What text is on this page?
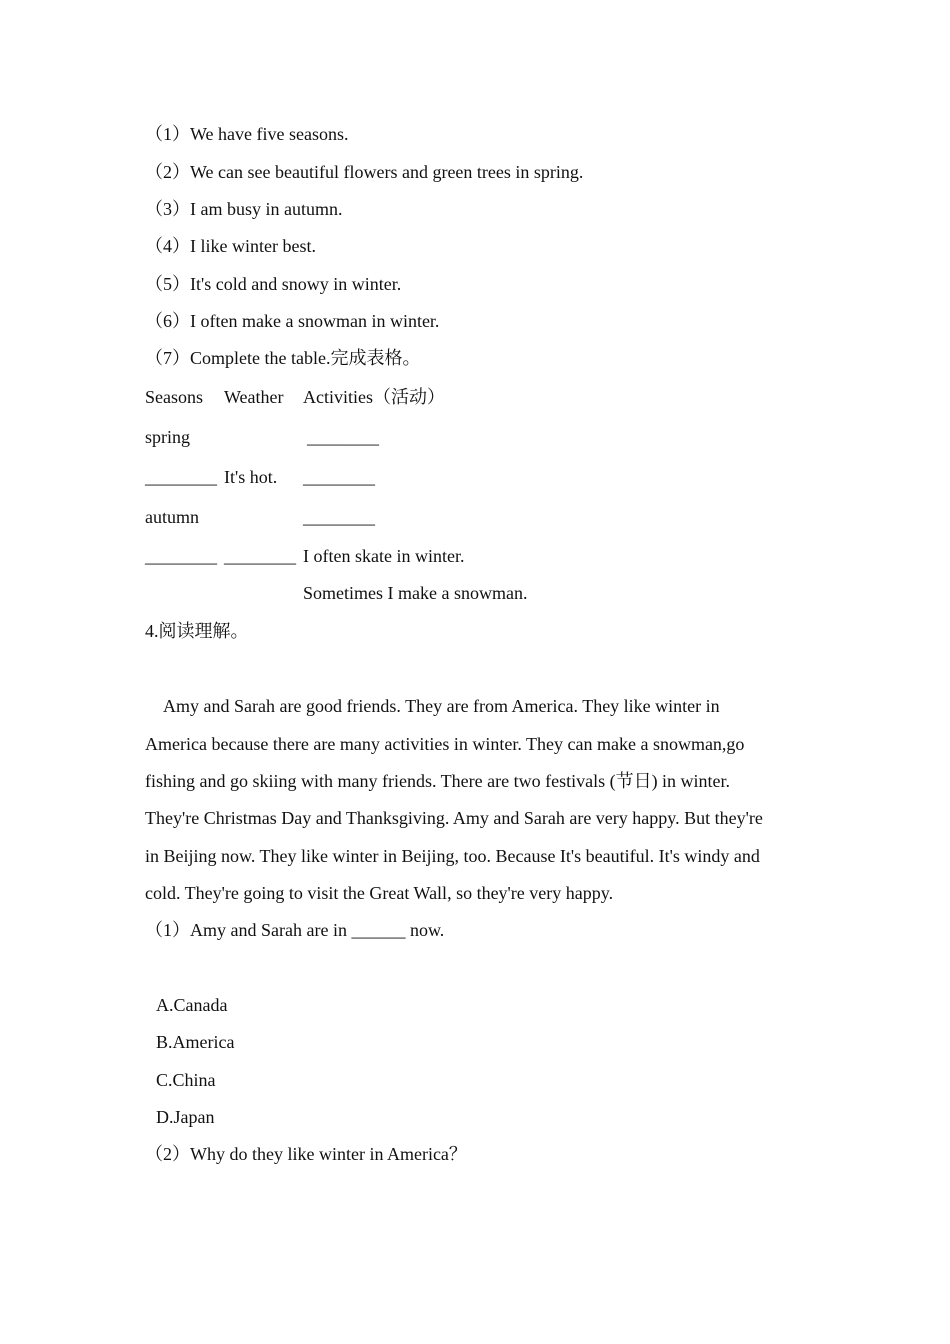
（1）We have five seasons.
（2）We can see beautiful flowers and green trees in spring.
（3）I am busy in autumn.
（4）I like winter best.
（5）It's cold and snowy in winter.
（6）I often make a snowman in winter.
（7）Complete the table.完成表格。
Seasons Weather Activities（活动）
spring	________
________ It's hot. ________
autumn	________
________ ________ I often skate in winter.
Sometimes I make a snowman.
4.阅读理解。
Amy and Sarah are good friends. They are from America. They like winter in
America because there are many activities in winter. They can make a snowman,go
fishing and go skiing with many friends. There are two festivals (节日) in winter.
They're Christmas Day and Thanksgiving. Amy and Sarah are very happy. But they're
in Beijing now. They like winter in Beijing, too. Because It's beautiful. It's windy and
cold. They're going to visit the Great Wall, so they're very happy.
（1）Amy and Sarah are in ______ now.
A.Canada
B.America
C.China
D.Japan
（2）Why do they like winter in America？
